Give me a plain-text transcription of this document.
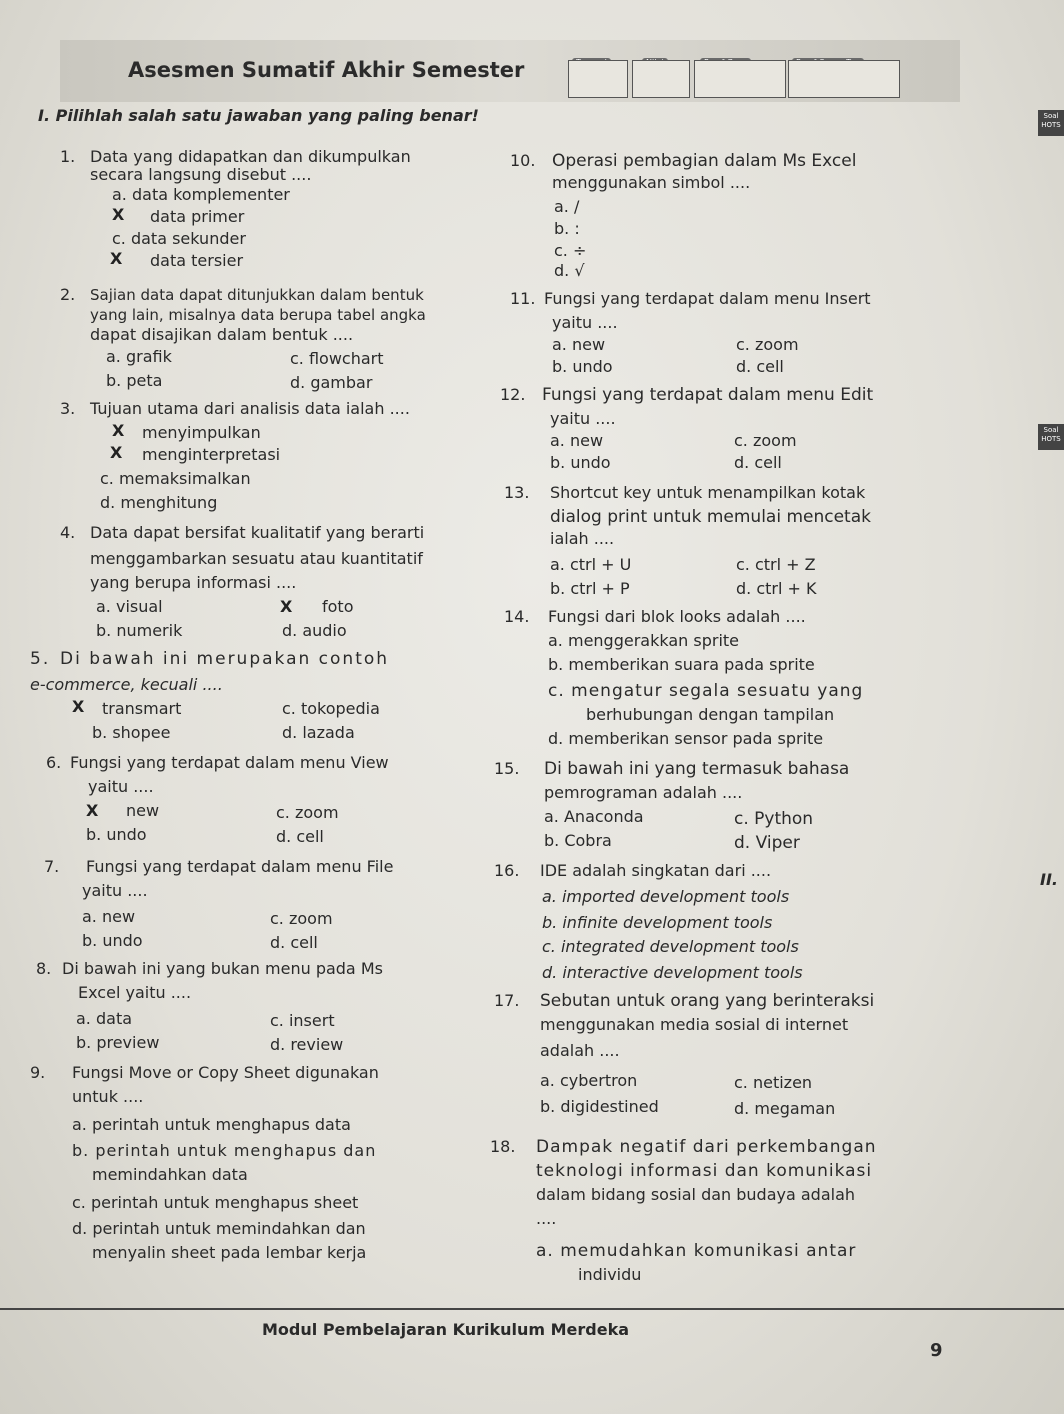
Asesmen Sumatif Akhir Semester
I. Pilihlah salah satu jawaban yang paling benar!	Soal HOTS
Soal HOTS
II.
1. Data yang didapatkan dan dikumpulkan
secara langsung disebut ....
a. data komplementer
X data primer
c. data sekunder
X data tersier
2. Sajian data dapat ditunjukkan dalam bentuk
yang lain, misalnya data berupa tabel angka
dapat disajikan dalam bentuk ....
a. grafik	c. flowchart
b. peta	d. gambar
3. Tujuan utama dari analisis data ialah ....
X menyimpulkan
X menginterpretasi
c. memaksimalkan
d. menghitung
4. Data dapat bersifat kualitatif yang berarti
menggambarkan sesuatu atau kuantitatif
yang berupa informasi ....
a. visual	X foto
b. numerik	d. audio
5. Di bawah ini merupakan contoh
e-commerce, kecuali ....
X transmart	c. tokopedia
b. shopee	d. lazada
6. Fungsi yang terdapat dalam menu View
yaitu ....
X new	c. zoom
b. undo	d. cell
7. Fungsi yang terdapat dalam menu File
yaitu ....
a. new	c. zoom
b. undo	d. cell
8. Di bawah ini yang bukan menu pada Ms
Excel yaitu ....
a. data	c. insert
b. preview	d. review
9. Fungsi Move or Copy Sheet digunakan
untuk ....
a. perintah untuk menghapus data
b. perintah untuk menghapus dan
memindahkan data
c. perintah untuk menghapus sheet
d. perintah untuk memindahkan dan
menyalin sheet pada lembar kerja
10. Operasi pembagian dalam Ms Excel
menggunakan simbol ....
a. /
b. :
c. ÷
d. √
11. Fungsi yang terdapat dalam menu Insert
yaitu ....
a. new	c. zoom
b. undo	d. cell
12. Fungsi yang terdapat dalam menu Edit
yaitu ....
a. new	c. zoom
b. undo	d. cell
13. Shortcut key untuk menampilkan kotak
dialog print untuk memulai mencetak
ialah ....
a. ctrl + U	c. ctrl + Z
b. ctrl + P	d. ctrl + K
14. Fungsi dari blok looks adalah ....
a. menggerakkan sprite
b. memberikan suara pada sprite
c. mengatur segala sesuatu yang
berhubungan dengan tampilan
d. memberikan sensor pada sprite
15. Di bawah ini yang termasuk bahasa
pemrograman adalah ....
a. Anaconda	c. Python
b. Cobra	d. Viper
16. IDE adalah singkatan dari ....
a. imported development tools
b. infinite development tools
c. integrated development tools
d. interactive development tools
17. Sebutan untuk orang yang berinteraksi
menggunakan media sosial di internet
adalah ....
a. cybertron	c. netizen
b. digidestined	d. megaman
18. Dampak negatif dari perkembangan
teknologi informasi dan komunikasi
dalam bidang sosial dan budaya adalah
....
a. memudahkan komunikasi antar
individu
Modul Pembelajaran Kurikulum Merdeka
9
